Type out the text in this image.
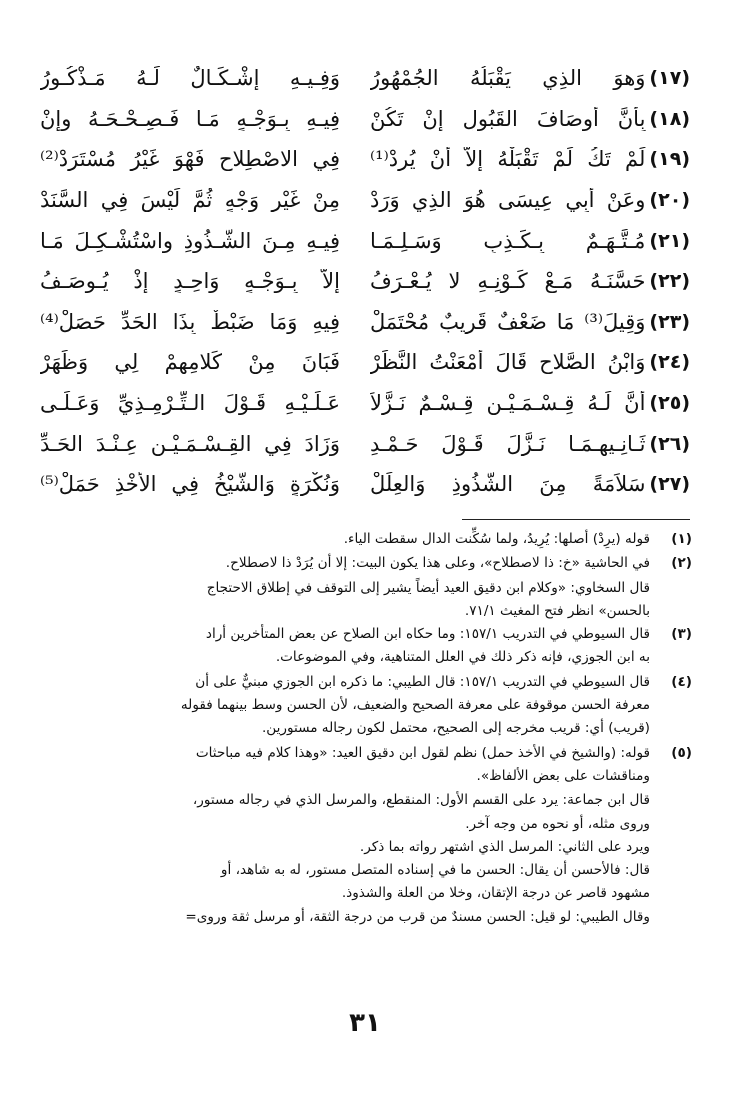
(١٧)
وَهوَ الذِي يَقْبَلُهُ الجُمْهُورُ
وَفِـيـهِ إِشْـكَـالٌ لَـهُ مَـذْكُـورُ
(١٨)
بِأَنَّ أَوصَافَ القَبُولِ إِنْ تَكُنْ
فِيـهِ بِـوَجْـهٍ مَـا فَـصِـحْـحَـهُ وإِنْ
(١٩)
لَمْ تَكُ لَمْ تَقْبَلْهُ إِلاَّ أَنْ يُرِدْ⁽¹⁾
فِي الاصْطِلاحِ فَهْوَ غَيْرُ مُسْتَرَدْ⁽²⁾
(٢٠)
وعَنْ أَبِي عِيسَى هُوَ الذِي وَرَدْ
مِنْ غَيْرِ وَجْهٍ ثُمَّ لَيْسَ فِي السَّنَدْ
(٢١)
مُـتَّـهَـمٌ بِـكَـذِبٍ وَسَـلِـمَـا
فِيـهِ مِـنَ الشُّـذُوذِ واسْتُشْـكِـلَ مَـا
(٢٢)
حَسَّنَـهُ مَـعْ كَـوْنِـهِ لا يُـعْـرَفُ
إِلاَّ بِـوَجْـهٍ وَاحِـدٍ إِذْ يُـوصَـفُ
(٢٣)
وَقِيلَ⁽³⁾ مَا ضَعْفٌ قَرِيبٌ مُحْتَمَلْ
فِيهِ وَمَا ضَبْطٌ بِذَا الحَدِّ حَصَلْ⁽⁴⁾
(٢٤)
وَابْنُ الصَّلاحِ قَالَ أَمْعَنْتُ النَّظَرْ
فَبَانَ مِنْ كَلامِهِمْ لِي وَظَهَرْ
(٢٥)
أَنَّ لَـهُ قِـسْـمَـيْـنِ قِـسْـمٌ نَـزَّلاَ
عَـلَـيْـهِ قَـوْلَ الـتِّـرْمِـذِيِّ وَعَـلَـى
(٢٦)
ثَـانِـيهِـمَـا نَـزَّلَ قَـوْلَ حَـمْـدِ
وَزَادَ فِي القِـسْـمَـيْـنِ عِـنْـدَ الحَـدِّ
(٢٧)
سَلاَمَةً مِنَ الشُّذُوذِ وَالعِلَلْ
وَنُكْرَةٍ وَالشَّيْخُ فِي الأَخْذِ حَمَلْ⁽⁵⁾
(١)
قوله (يرِدْ) أصلها: يُرِيدُ، ولما سُكِّنت الدال سقطت الياء.
(٢)
في الحاشية «خ: ذا لاصطلاح»، وعلى هذا يكون البيت: إلا أن يُرَدْ ذا لاصطلاح.
قال السخاوي: «وكلام ابن دقيق العيد أيضاً يشير إلى التوقف في إطلاق الاحتجاج
بالحسن» انظر فتح المغيث ٧١/١.
(٣)
قال السيوطي في التدريب ١٥٧/١: وما حكاه ابن الصلاح عن بعض المتأخرين أراد
به ابن الجوزي، فإنه ذكر ذلك في العلل المتناهية، وفي الموضوعات.
(٤)
قال السيوطي في التدريب ١٥٧/١: قال الطيبي: ما ذكره ابن الجوزي مبنيٌّ على أن
معرفة الحسن موقوفة على معرفة الصحيح والضعيف، لأن الحسن وسط بينهما فقوله
(قريب) أي: قريب مخرجه إلى الصحيح، محتمل لكون رجاله مستورين.
(٥)
قوله: (والشيخ في الأخذ حمل) نظم لقول ابن دقيق العيد: «وهذا كلام فيه مباحثات
ومناقشات على بعض الألفاظ».
قال ابن جماعة: يرد على القسم الأول: المنقطع، والمرسل الذي في رجاله مستور،
وروى مثله، أو نحوه من وجه آخر.
ويرد على الثاني: المرسل الذي اشتهر رواته بما ذكر.
قال: فالأحسن أن يقال: الحسن ما في إسناده المتصل مستور، له به شاهد، أو
مشهود قاصر عن درجة الإتقان، وخلا من العلة والشذوذ.
وقال الطيبي: لو قيل: الحسن مسندٌ من قرب من درجة الثقة، أو مرسل ثقة وروى=
٣١
